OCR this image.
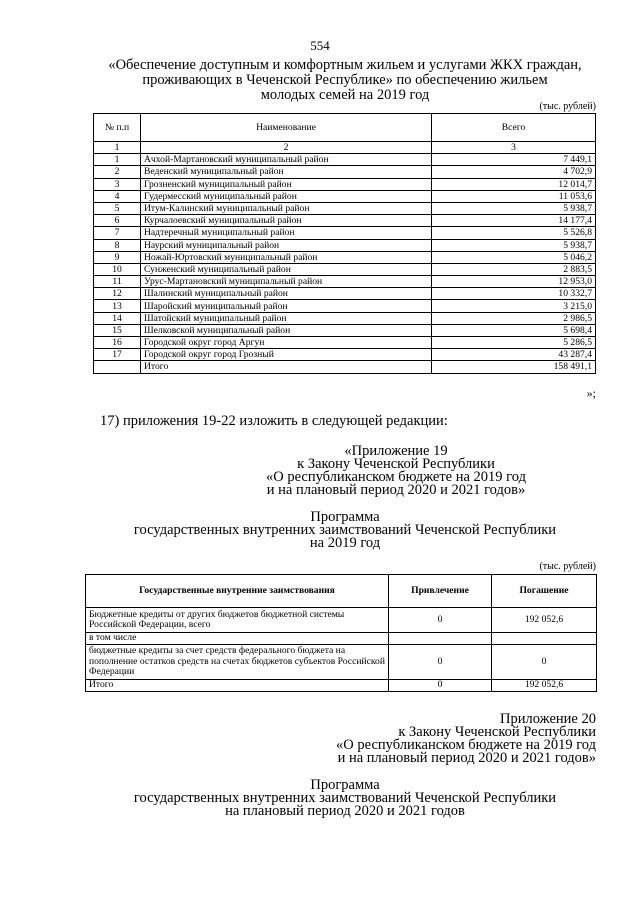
554
«Обеспечение доступным и комфортным жильем и услугами ЖКХ граждан,
проживающих в Чеченской Республике» по обеспечению жильем
молодых семей на 2019 год
(тыс. рублей)
№ п.п	Наименование	Всего
1	2	3
1	Ачхой-Мартановский муниципальный район	7 449,1
2	Веденский муниципальный район	4 702,9
3	Грозненский муниципальный район	12 014,7
4	Гудермесский муниципальный район	11 053,6
5	Итум-Калинский муниципальный район	5 938,7
6	Курчалоевский муниципальный район	14 177,4
7	Надтеречный муниципальный район	5 526,8
8	Наурский муниципальный район	5 938,7
9	Ножай-Юртовский муниципальный район	5 046,2
10	Сунженский муниципальный район	2 883,5
11	Урус-Мартановский муниципальный район	12 953,0
12	Шалинский муниципальный район	10 332,7
13	Шаройский муниципальный район	3 215,0
14	Шатойский муниципальный район	2 986,5
15	Шелковской муниципальный район	5 698,4
16	Городской округ город Аргун	5 286,5
17	Городской округ город Грозный	43 287,4
	Итого	158 491,1
»;
17) приложения 19-22 изложить в следующей редакции:
«Приложение 19
к Закону Чеченской Республики
«О республиканском бюджете на 2019 год
и на плановый период 2020 и 2021 годов»
Программа
государственных внутренних заимствований Чеченской Республики
на 2019 год
(тыс. рублей)
Государственные внутренние заимствования	Привлечение	Погашение
Бюджетные кредиты от других бюджетов бюджетной системы Российской Федерации, всего	0	192 052,6
в том числе		
бюджетные кредиты за счет средств федерального бюджета на пополнение остатков средств на счетах бюджетов субъектов Российской Федерации	0	0
Итого	0	192 052,6
Приложение 20
к Закону Чеченской Республики
«О республиканском бюджете на 2019 год
и на плановый период 2020 и 2021 годов»
Программа
государственных внутренних заимствований Чеченской Республики
на плановый период 2020 и 2021 годов
